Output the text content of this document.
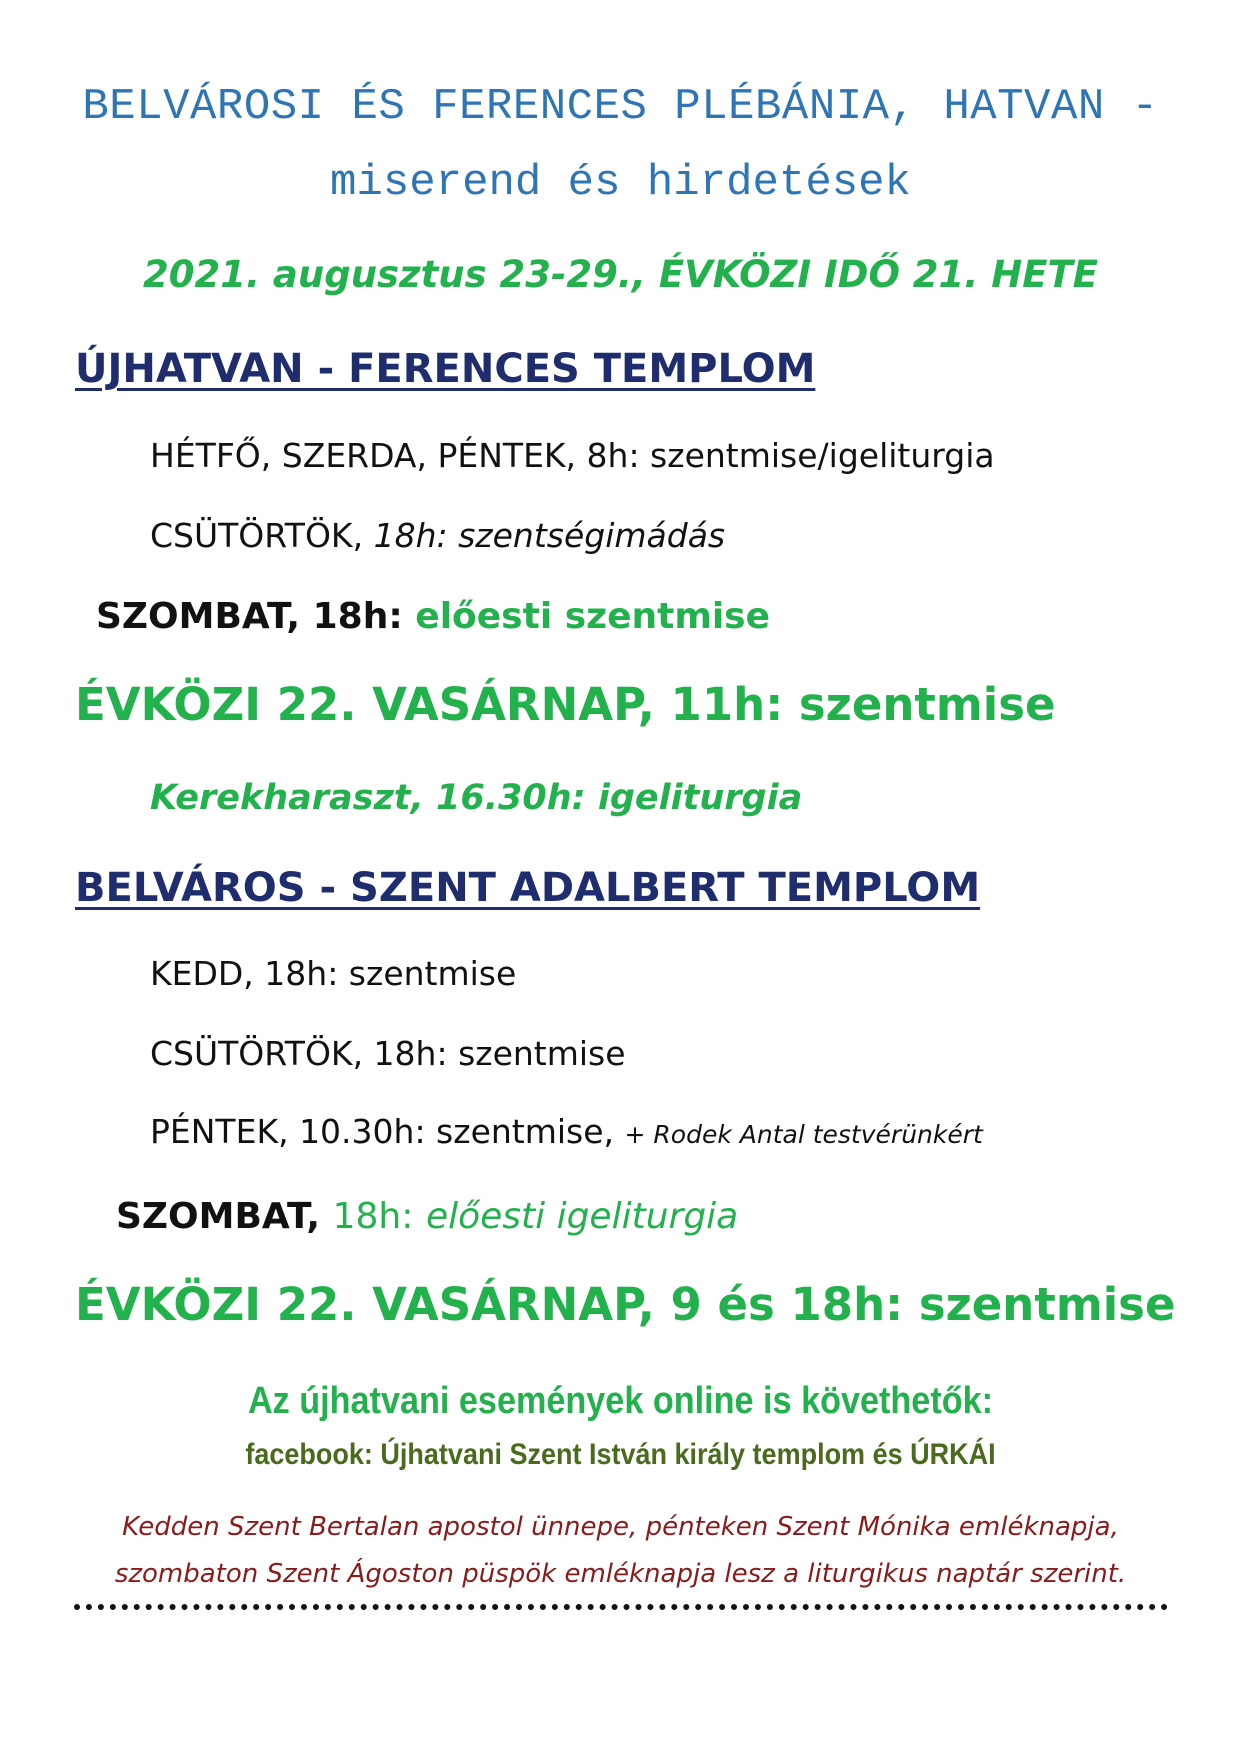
BELVÁROSI ÉS FERENCES PLÉBÁNIA, HATVAN -
miserend és hirdetések
2021. augusztus 23-29., ÉVKÖZI IDŐ 21. HETE
ÚJHATVAN - FERENCES TEMPLOM
HÉTFŐ, SZERDA, PÉNTEK, 8h: szentmise/igeliturgia
CSÜTÖRTÖK, 18h: szentségimádás
SZOMBAT, 18h: előesti szentmise
ÉVKÖZI 22. VASÁRNAP, 11h: szentmise
Kerekharaszt, 16.30h: igeliturgia
BELVÁROS - SZENT ADALBERT TEMPLOM
KEDD, 18h: szentmise
CSÜTÖRTÖK, 18h: szentmise
PÉNTEK, 10.30h: szentmise, + Rodek Antal testvérünkért
SZOMBAT, 18h: előesti igeliturgia
ÉVKÖZI 22. VASÁRNAP, 9 és 18h: szentmise
Az újhatvani események online is követhetők:
facebook: Újhatvani Szent István király templom és ÚRKÁI
Kedden Szent Bertalan apostol ünnepe, pénteken Szent Mónika emléknapja,
szombaton Szent Ágoston püspök emléknapja lesz a liturgikus naptár szerint.
